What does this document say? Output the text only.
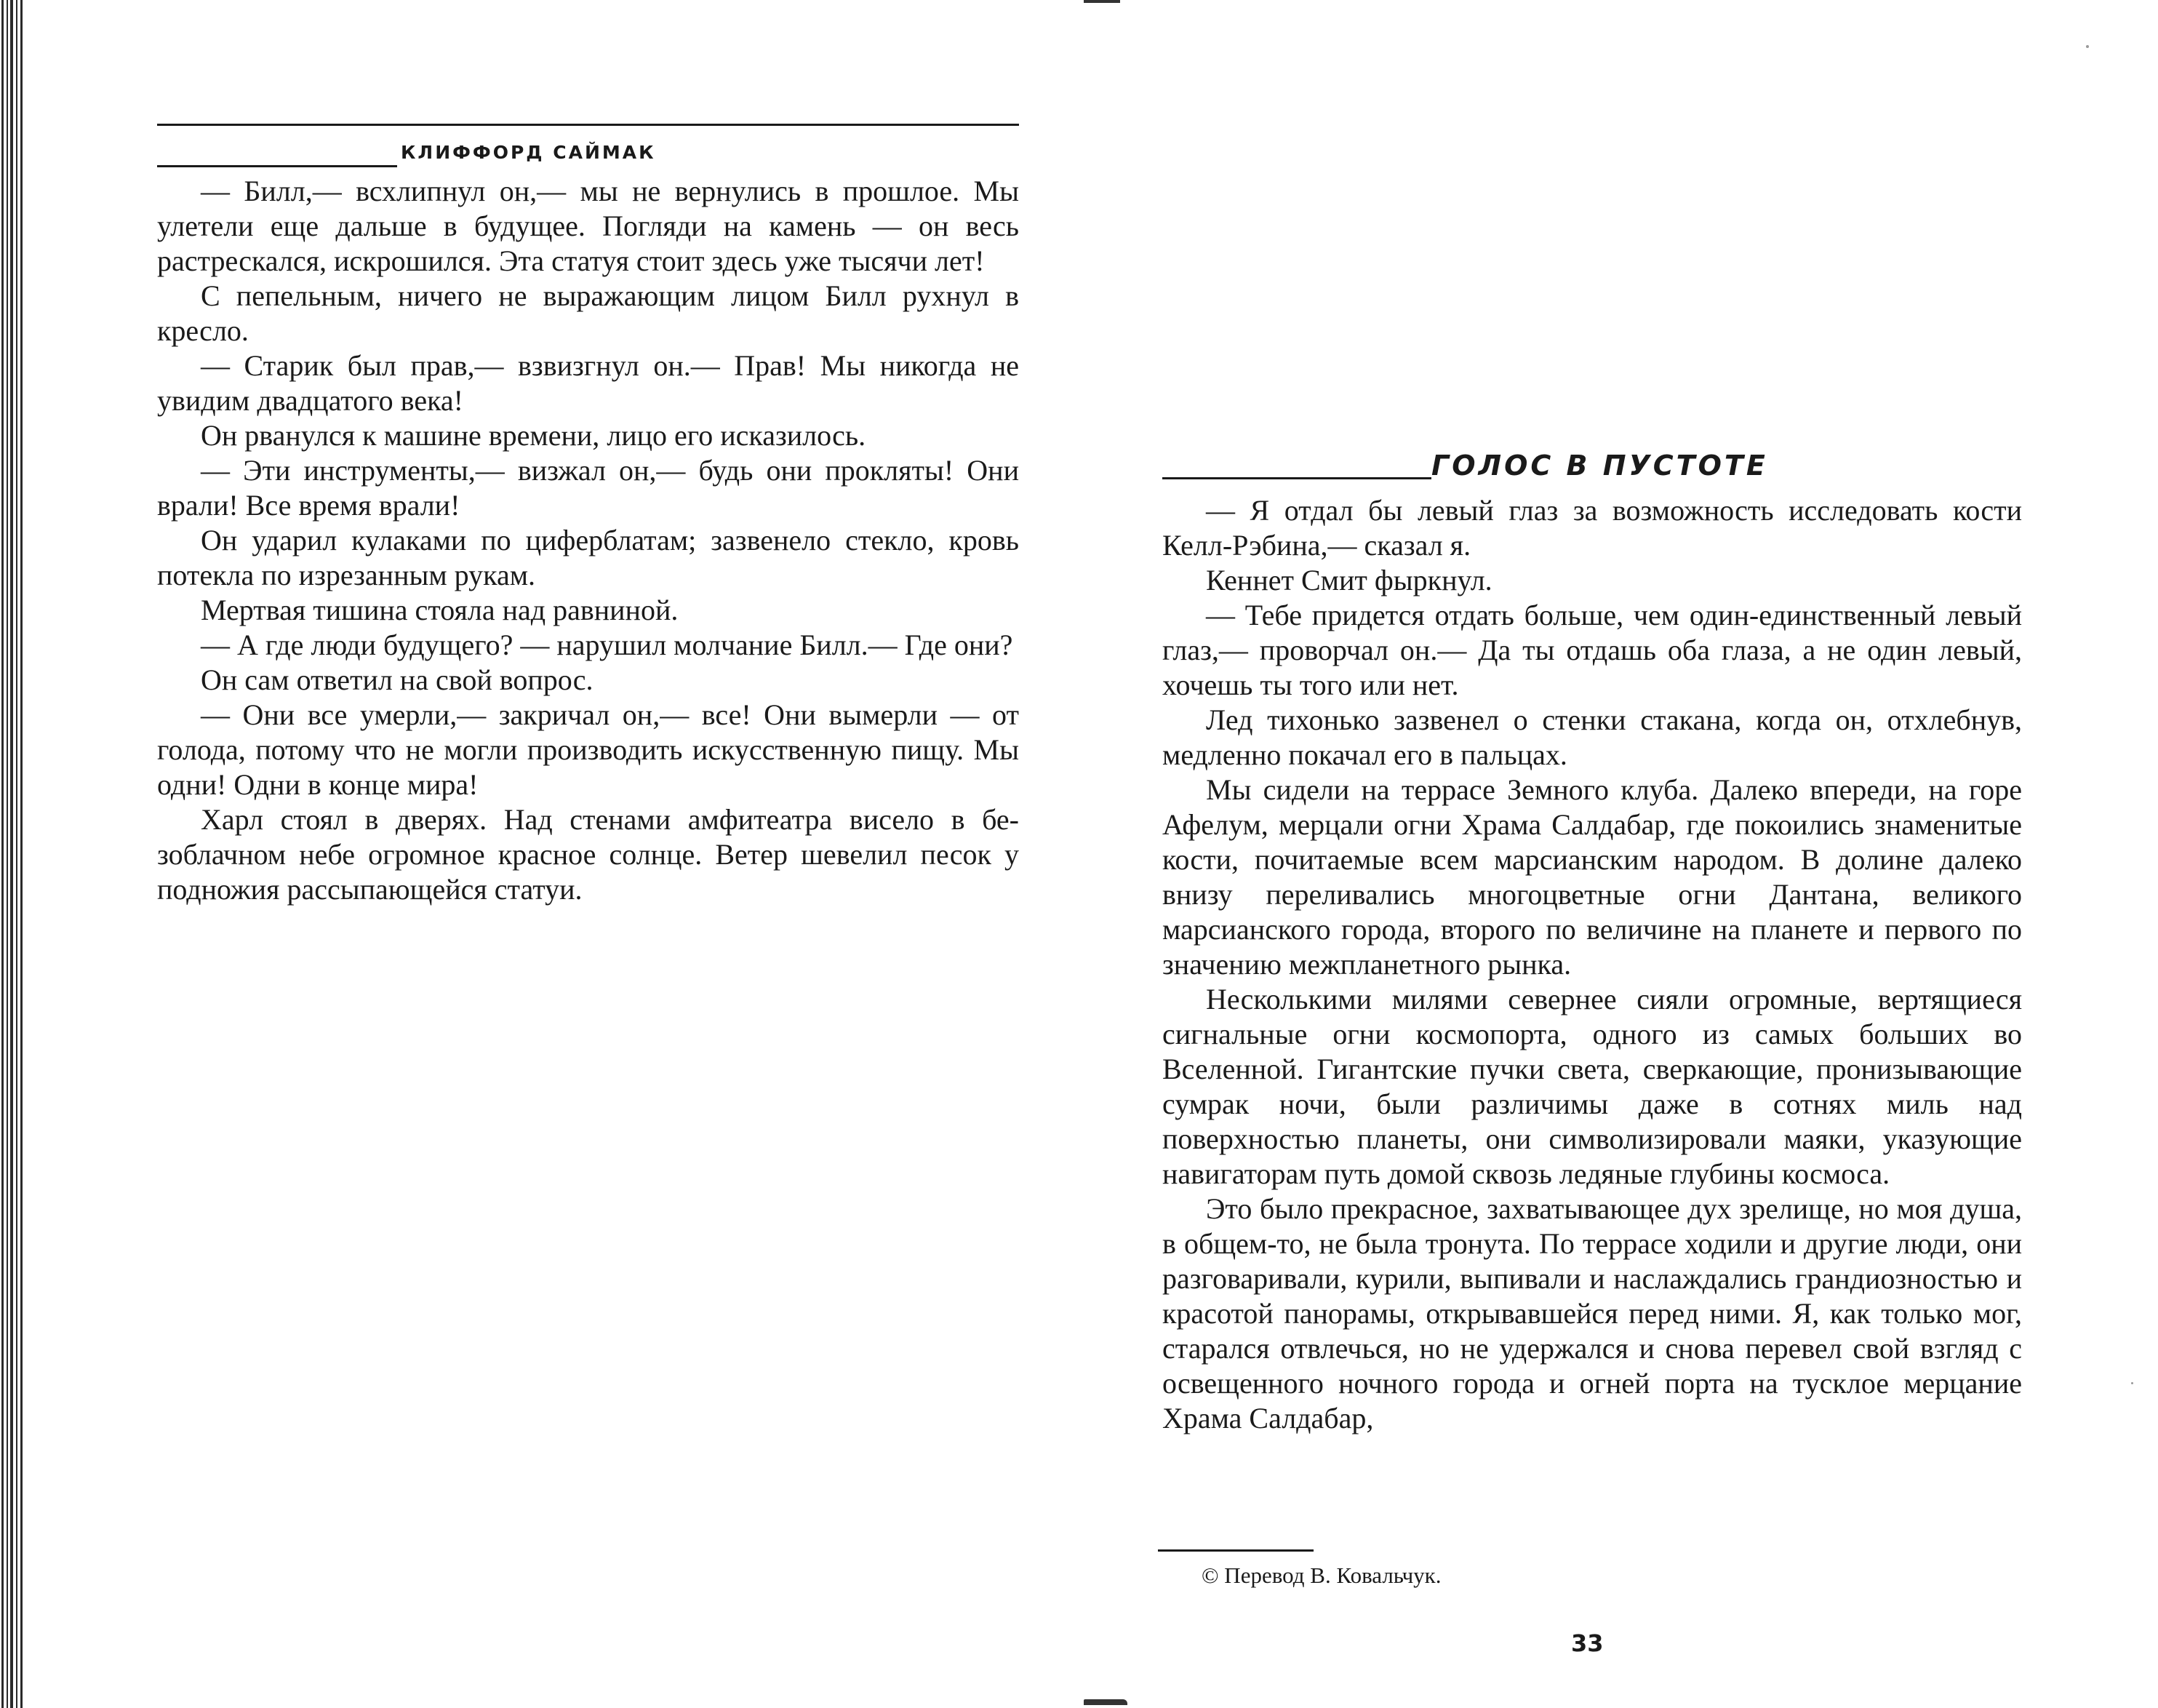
КЛИФФОРД САЙМАК

— Билл,— всхлипнул он,— мы не вернулись в прошлое. Мы улетели еще дальше в будущее. Погляди на камень — он весь растрескался, искрошился. Эта статуя стоит здесь уже тысячи лет!

С пепельным, ничего не выражающим лицом Билл рухнул в кресло.

— Старик был прав,— взвизгнул он.— Прав! Мы никогда не увидим двадцатого века!

Он рванулся к машине времени, лицо его исказилось.

— Эти инструменты,— визжал он,— будь они прокляты! Они врали! Все время врали!

Он ударил кулаками по циферблатам; зазвенело стекло, кровь потекла по изрезанным рукам.

Мертвая тишина стояла над равниной.

— А где люди будущего? — нарушил молчание Билл.— Где они?

Он сам ответил на свой вопрос.

— Они все умерли,— закричал он,— все! Они вымерли — от голода, потому что не могли производить искусственную пищу. Мы одни! Одни в конце мира!

Харл стоял в дверях. Над стенами амфитеатра висело в безоблачном небе огромное красное солнце. Ветер шевелил песок у подножия рассыпающейся статуи.

ГОЛОС В ПУСТОТЕ

— Я отдал бы левый глаз за возможность исследовать кости Келл-Рэбина,— сказал я.

Кеннет Смит фыркнул.

— Тебе придется отдать больше, чем один-единственный левый глаз,— проворчал он.— Да ты отдашь оба глаза, а не один левый, хочешь ты того или нет.

Лед тихонько зазвенел о стенки стакана, когда он, отхлебнув, медленно покачал его в пальцах.

Мы сидели на террасе Земного клуба. Далеко впереди, на горе Афелум, мерцали огни Храма Салдабар, где покоились знаменитые кости, почитаемые всем марсианским народом. В долине далеко внизу переливались многоцветные огни Дантана, великого марсианского города, второго по величине на планете и первого по значению межпланетного рынка.

Несколькими милями севернее сияли огромные, вертящиеся сигнальные огни космопорта, одного из самых больших во Вселенной. Гигантские пучки света, сверкающие, пронизывающие сумрак ночи, были различимы даже в сотнях миль над поверхностью планеты, они символизировали маяки, указующие навигаторам путь домой сквозь ледяные глубины космоса.

Это было прекрасное, захватывающее дух зрелище, но моя душа, в общем-то, не была тронута. По террасе ходили и другие люди, они разговаривали, курили, выпивали и наслаждались грандиозностью и красотой панорамы, открывавшейся перед ними. Я, как только мог, старался отвлечься, но не удержался и снова перевел свой взгляд с освещенного ночного города и огней порта на тусклое мерцание Храма Салдабар,

© Перевод В. Ковальчук.
33
